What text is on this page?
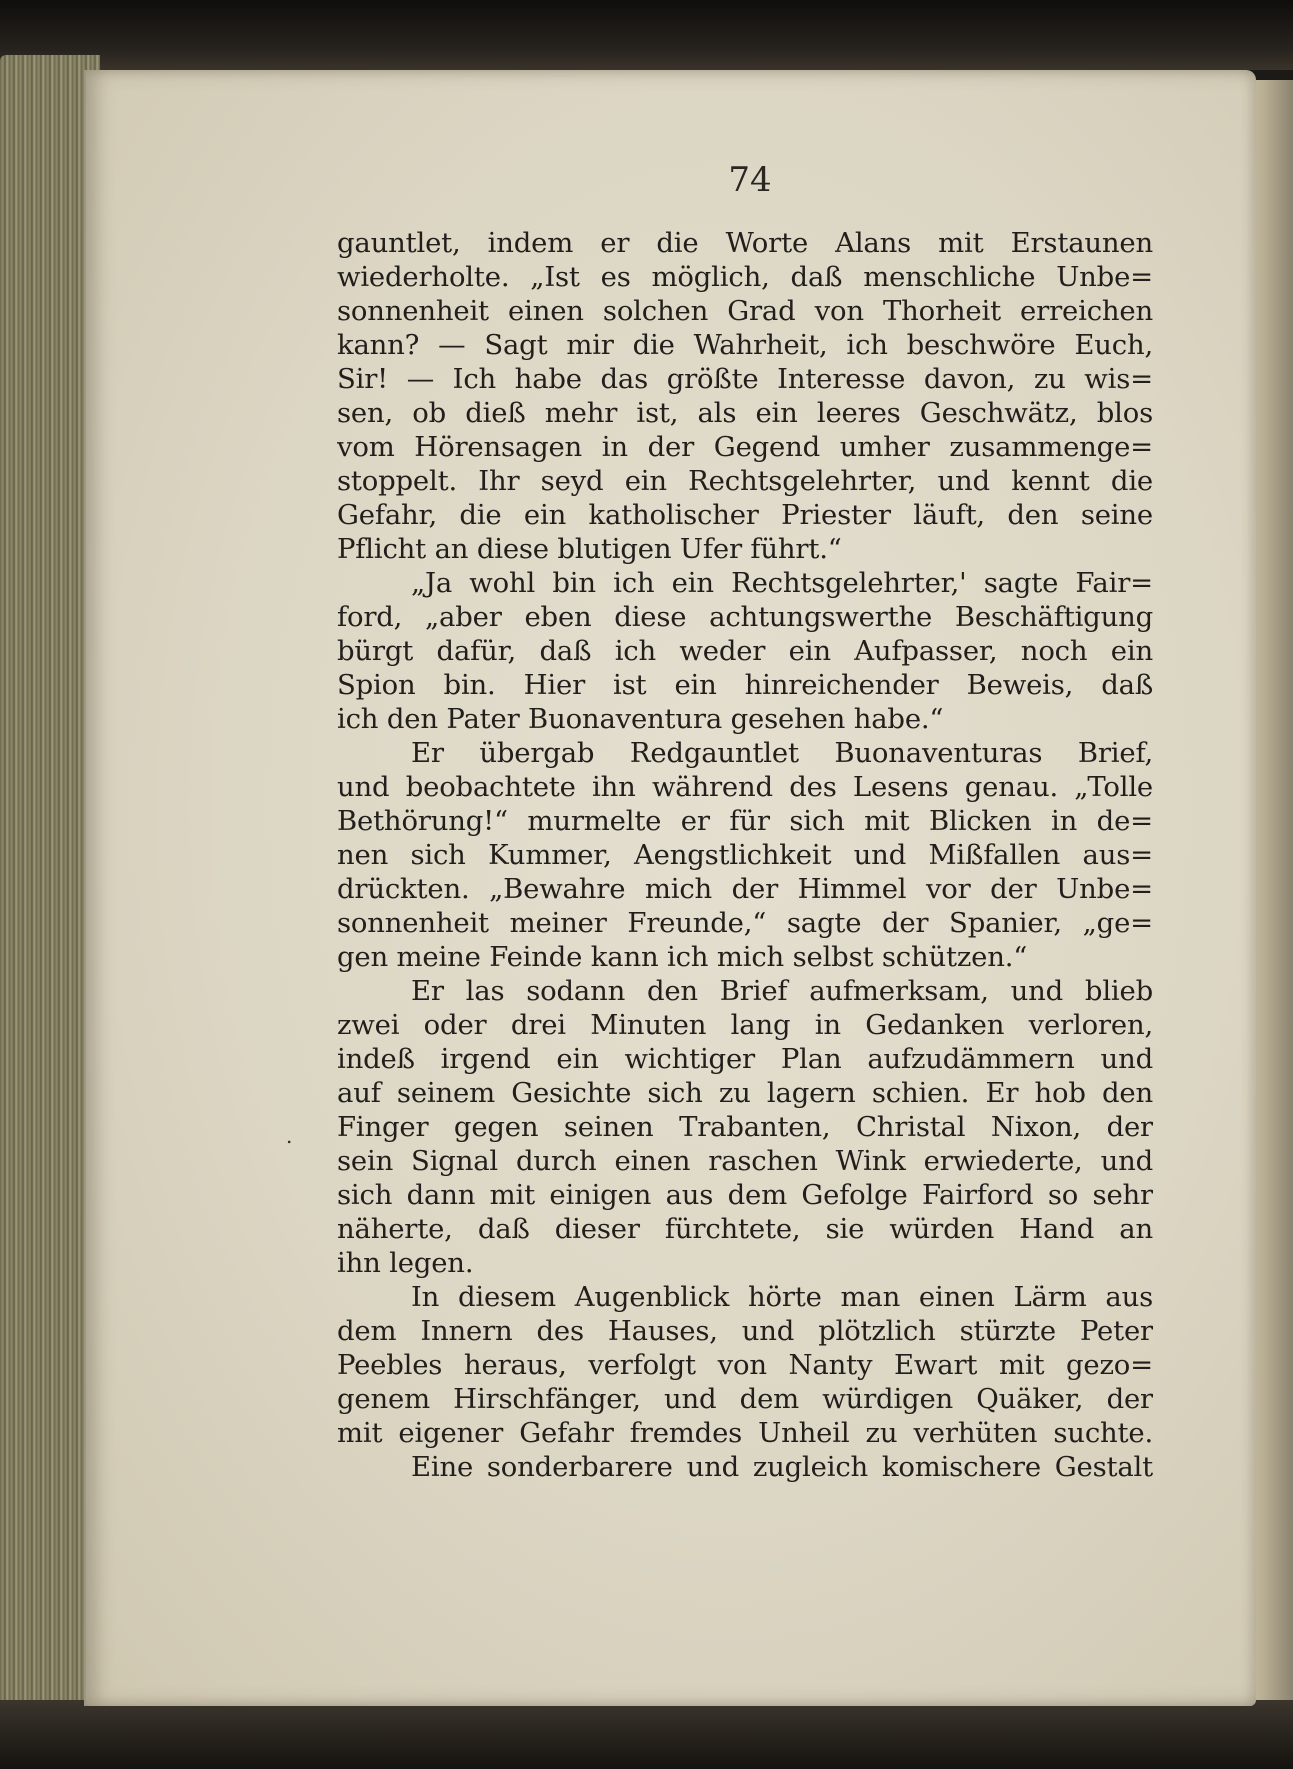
74
.
gauntlet, indem er die Worte Alans mit Erstaunen
wiederholte. „Ist es möglich, daß menschliche Unbe=
sonnenheit einen solchen Grad von Thorheit erreichen
kann? — Sagt mir die Wahrheit, ich beschwöre Euch,
Sir! — Ich habe das größte Interesse davon, zu wis=
sen, ob dieß mehr ist, als ein leeres Geschwätz, blos
vom Hörensagen in der Gegend umher zusammenge=
stoppelt. Ihr seyd ein Rechtsgelehrter, und kennt die
Gefahr, die ein katholischer Priester läuft, den seine
Pflicht an diese blutigen Ufer führt.“
„Ja wohl bin ich ein Rechtsgelehrter,' sagte Fair=
ford, „aber eben diese achtungswerthe Beschäftigung
bürgt dafür, daß ich weder ein Aufpasser, noch ein
Spion bin. Hier ist ein hinreichender Beweis, daß
ich den Pater Buonaventura gesehen habe.“
Er übergab Redgauntlet Buonaventuras Brief,
und beobachtete ihn während des Lesens genau. „Tolle
Bethörung!“ murmelte er für sich mit Blicken in de=
nen sich Kummer, Aengstlichkeit und Mißfallen aus=
drückten. „Bewahre mich der Himmel vor der Unbe=
sonnenheit meiner Freunde,“ sagte der Spanier, „ge=
gen meine Feinde kann ich mich selbst schützen.“
Er las sodann den Brief aufmerksam, und blieb
zwei oder drei Minuten lang in Gedanken verloren,
indeß irgend ein wichtiger Plan aufzudämmern und
auf seinem Gesichte sich zu lagern schien. Er hob den
Finger gegen seinen Trabanten, Christal Nixon, der
sein Signal durch einen raschen Wink erwiederte, und
sich dann mit einigen aus dem Gefolge Fairford so sehr
näherte, daß dieser fürchtete, sie würden Hand an
ihn legen.
In diesem Augenblick hörte man einen Lärm aus
dem Innern des Hauses, und plötzlich stürzte Peter
Peebles heraus, verfolgt von Nanty Ewart mit gezo=
genem Hirschfänger, und dem würdigen Quäker, der
mit eigener Gefahr fremdes Unheil zu verhüten suchte.
Eine sonderbarere und zugleich komischere Gestalt
